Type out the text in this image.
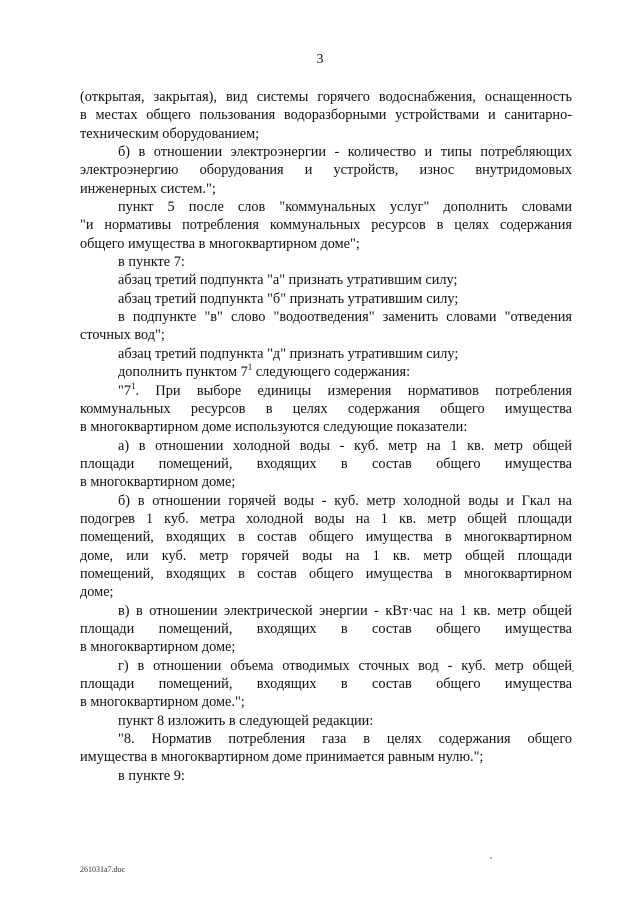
3
(открытая, закрытая), вид системы горячего водоснабжения, оснащенность
в местах общего пользования водоразборными устройствами и санитарно-
техническим оборудованием;
б) в отношении электроэнергии - количество и типы потребляющих
электроэнергию оборудования и устройств, износ внутридомовых
инженерных систем.";
пункт 5 после слов "коммунальных услуг" дополнить словами
"и нормативы потребления коммунальных ресурсов в целях содержания
общего имущества в многоквартирном доме";
в пункте 7:
абзац третий подпункта "а" признать утратившим силу;
абзац третий подпункта "б" признать утратившим силу;
в подпункте "в" слово "водоотведения" заменить словами "отведения
сточных вод";
абзац третий подпункта "д" признать утратившим силу;
дополнить пунктом $7^1$ следующего содержания:
"$7^1$. При выборе единицы измерения нормативов потребления
коммунальных ресурсов в целях содержания общего имущества
в многоквартирном доме используются следующие показатели:
а) в отношении холодной воды - куб. метр на 1 кв. метр общей
площади помещений, входящих в состав общего имущества
в многоквартирном доме;
б) в отношении горячей воды - куб. метр холодной воды и Гкал на
подогрев 1 куб. метра холодной воды на 1 кв. метр общей площади
помещений, входящих в состав общего имущества в многоквартирном
доме, или куб. метр горячей воды на 1 кв. метр общей площади
помещений, входящих в состав общего имущества в многоквартирном
доме;
в) в отношении электрической энергии - кВт·час на 1 кв. метр общей
площади помещений, входящих в состав общего имущества
в многоквартирном доме;
г) в отношении объема отводимых сточных вод - куб. метр общей
площади помещений, входящих в состав общего имущества
в многоквартирном доме.";
пункт 8 изложить в следующей редакции:
"8. Норматив потребления газа в целях содержания общего
имущества в многоквартирном доме принимается равным нулю.";
в пункте 9:
261031a7.doc
